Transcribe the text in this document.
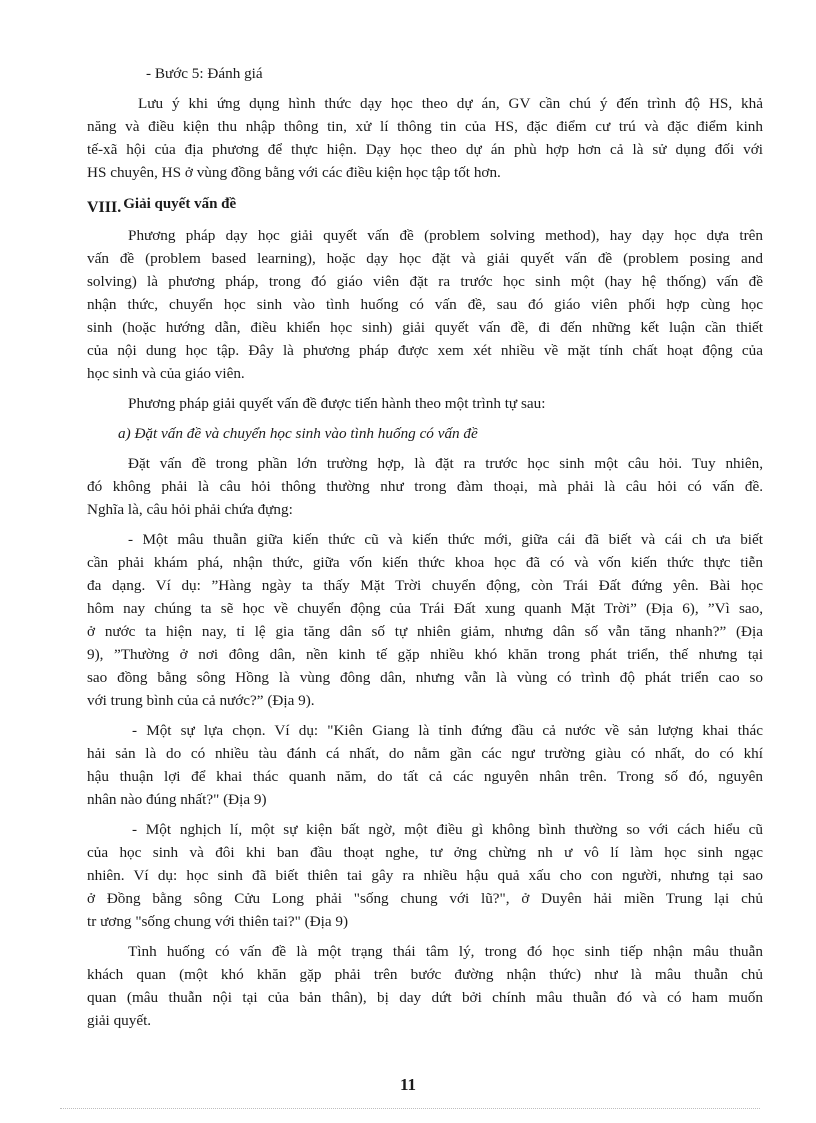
- Bước 5: Đánh giá
Lưu ý khi ứng dụng hình thức dạy học theo dự án, GV cần chú ý đến trình độ HS, khả
năng và điều kiện thu nhập thông tin, xử lí thông tin của HS, đặc điểm cư trú và đặc điểm kinh
tế-xã hội của địa phương để thực hiện. Dạy học theo dự án phù hợp hơn cả là sử dụng đối với
HS chuyên, HS ở vùng đồng bằng với các điều kiện học tập tốt hơn.
VIII. Giải quyết vấn đề
Phương pháp dạy học giải quyết vấn đề (problem solving method), hay dạy học dựa trên
vấn đề (problem based learning), hoặc dạy học đặt và giải quyết vấn đề (problem posing and
solving) là phương pháp, trong đó giáo viên đặt ra trước học sinh một (hay hệ thống) vấn đề
nhận thức, chuyển học sinh vào tình huống có vấn đề, sau đó giáo viên phối hợp cùng học
sinh (hoặc hướng dẫn, điều khiển học sinh) giải quyết vấn đề, đi đến những kết luận cần thiết
của nội dung học tập. Đây là phương pháp được xem xét nhiều về mặt tính chất hoạt động của
học sinh và của giáo viên.
Phương pháp giải quyết vấn đề được tiến hành theo một trình tự sau:
a) Đặt vấn đề và chuyển học sinh vào tình huống có vấn đề
Đặt vấn đề trong phần lớn trường hợp, là đặt ra trước học sinh một câu hỏi. Tuy nhiên,
đó không phải là câu hỏi thông thường như trong đàm thoại, mà phải là câu hỏi có vấn đề.
Nghĩa là, câu hỏi phải chứa đựng:
- Một mâu thuẫn giữa kiến thức cũ và kiến thức mới, giữa cái đã biết và cái ch ưa biết
cần phải khám phá, nhận thức, giữa vốn kiến thức khoa học đã có và vốn kiến thức thực tiễn
đa dạng. Ví dụ: ”Hàng ngày ta thấy Mặt Trời chuyển động, còn Trái Đất đứng yên. Bài học
hôm nay chúng ta sẽ học về chuyển động của Trái Đất xung quanh Mặt Trời” (Địa 6), ”Vì sao,
ở nước ta hiện nay, tỉ lệ gia tăng dân số tự nhiên giảm, nhưng dân số vẫn tăng nhanh?” (Địa
9), ”Thường ở nơi đông dân, nền kinh tế gặp nhiều khó khăn trong phát triển, thế nhưng tại
sao đồng bằng sông Hồng là vùng đông dân, nhưng vẫn là vùng có trình độ phát triển cao so
với trung bình của cả nước?” (Địa 9).
- Một sự lựa chọn. Ví dụ: "Kiên Giang là tỉnh đứng đầu cả nước về sản lượng khai thác
hải sản là do có nhiều tàu đánh cá nhất, do nằm gần các ngư trường giàu có nhất, do có khí
hậu thuận lợi để khai thác quanh năm, do tất cả các nguyên nhân trên. Trong số đó, nguyên
nhân nào đúng nhất?" (Địa 9)
- Một nghịch lí, một sự kiện bất ngờ, một điều gì không bình thường so với cách hiểu cũ
của học sinh và đôi khi ban đầu thoạt nghe, tư ởng chừng nh ư vô lí làm học sinh ngạc
nhiên. Ví dụ: học sinh đã biết thiên tai gây ra nhiều hậu quả xấu cho con người, nhưng tại sao
ở Đồng bằng sông Cửu Long phải "sống chung với lũ?", ở Duyên hải miền Trung lại chủ
tr ương "sống chung với thiên tai?" (Địa 9)
Tình huống có vấn đề là một trạng thái tâm lý, trong đó học sinh tiếp nhận mâu thuẫn
khách quan (một khó khăn gặp phải trên bước đường nhận thức) như là mâu thuẫn chủ
quan (mâu thuẫn nội tại của bản thân), bị day dứt bởi chính mâu thuẫn đó và có ham muốn
giải quyết.
11
